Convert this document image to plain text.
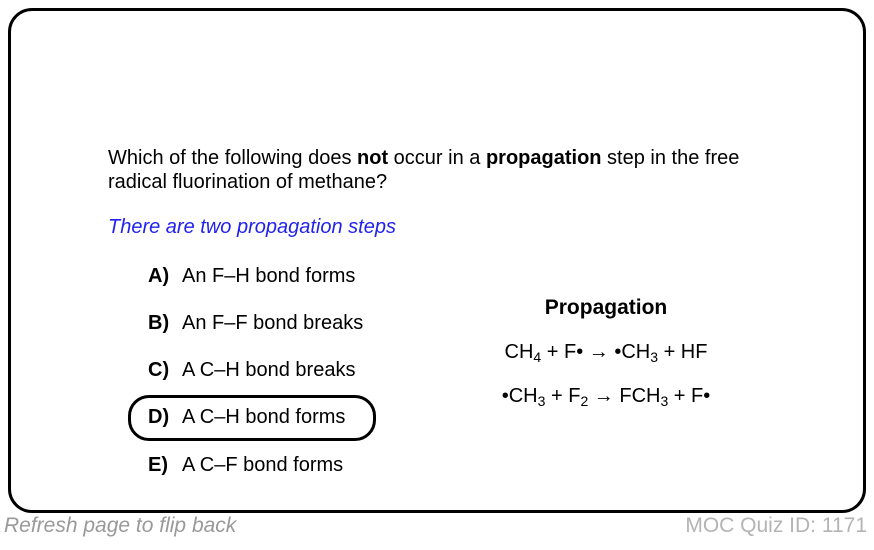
Which of the following does not occur in a propagation step in the free radical fluorination of methane?
There are two propagation steps
A) An F–H bond forms
B) An F–F bond breaks
C) A C–H bond breaks
D) A C–H bond forms
E) A C–F bond forms
Propagation
$CH_4$ + F• → $•CH_3$ + HF
$•CH_3 + F_2 \to FCH_3$ + F•
Refresh page to flip back	MOC Quiz ID: 1171
